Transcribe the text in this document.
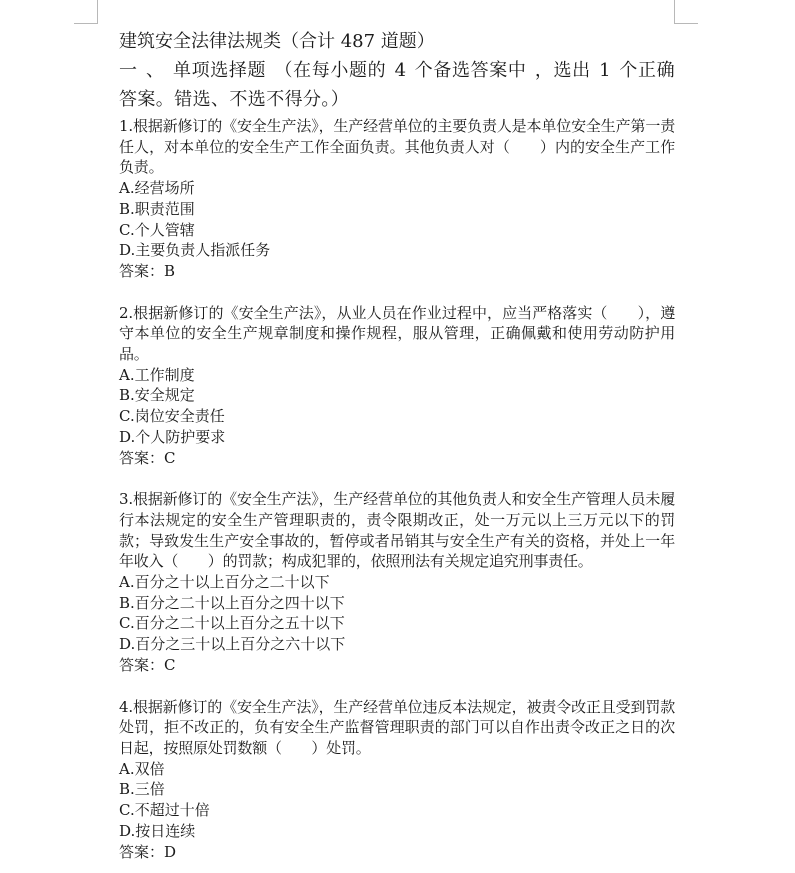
建筑安全法律法规类（合计 487 道题）

一 、 单项选择题 （在每小题的 4 个备选答案中 ，选出 1 个正确答案。错选、不选不得分。）

1.根据新修订的《安全生产法》，生产经营单位的主要负责人是本单位安全生产第一责任人，对本单位的安全生产工作全面负责。其他负责人对（　　）内的安全生产工作负责。

A.经营场所

B.职责范围

C.个人管辖

D.主要负责人指派任务

答案：B

2.根据新修订的《安全生产法》，从业人员在作业过程中，应当严格落实（　　），遵守本单位的安全生产规章制度和操作规程，服从管理，正确佩戴和使用劳动防护用品。

A.工作制度

B.安全规定

C.岗位安全责任

D.个人防护要求

答案：C

3.根据新修订的《安全生产法》，生产经营单位的其他负责人和安全生产管理人员未履行本法规定的安全生产管理职责的，责令限期改正，处一万元以上三万元以下的罚款；导致发生生产安全事故的，暂停或者吊销其与安全生产有关的资格，并处上一年年收入（　　）的罚款；构成犯罪的，依照刑法有关规定追究刑事责任。

A.百分之十以上百分之二十以下

B.百分之二十以上百分之四十以下

C.百分之二十以上百分之五十以下

D.百分之三十以上百分之六十以下

答案：C

4.根据新修订的《安全生产法》，生产经营单位违反本法规定，被责令改正且受到罚款处罚，拒不改正的，负有安全生产监督管理职责的部门可以自作出责令改正之日的次日起，按照原处罚数额（　　）处罚。

A.双倍

B.三倍

C.不超过十倍

D.按日连续

答案：D
